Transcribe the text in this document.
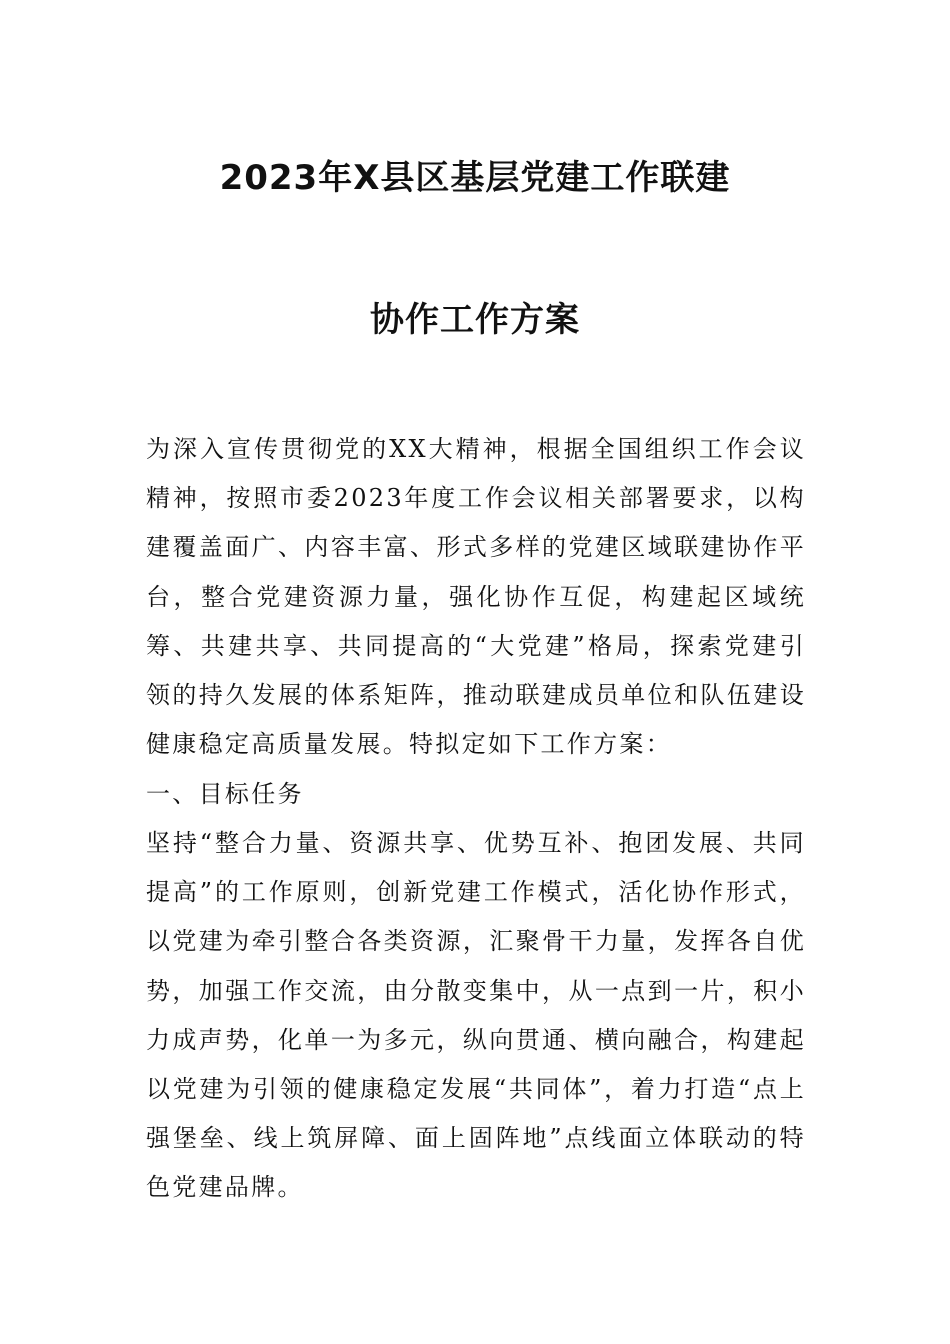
2023年X县区基层党建工作联建
协作工作方案

为深入宣传贯彻党的XX大精神，根据全国组织工作会议精神，按照市委2023年度工作会议相关部署要求，以构建覆盖面广、内容丰富、形式多样的党建区域联建协作平台，整合党建资源力量，强化协作互促，构建起区域统筹、共建共享、共同提高的“大党建”格局，探索党建引领的持久发展的体系矩阵，推动联建成员单位和队伍建设健康稳定高质量发展。特拟定如下工作方案：

一、目标任务

坚持“整合力量、资源共享、优势互补、抱团发展、共同提高”的工作原则，创新党建工作模式，活化协作形式，以党建为牵引整合各类资源，汇聚骨干力量，发挥各自优势，加强工作交流，由分散变集中，从一点到一片，积小力成声势，化单一为多元，纵向贯通、横向融合，构建起以党建为引领的健康稳定发展“共同体”，着力打造“点上强堡垒、线上筑屏障、面上固阵地”点线面立体联动的特色党建品牌。
